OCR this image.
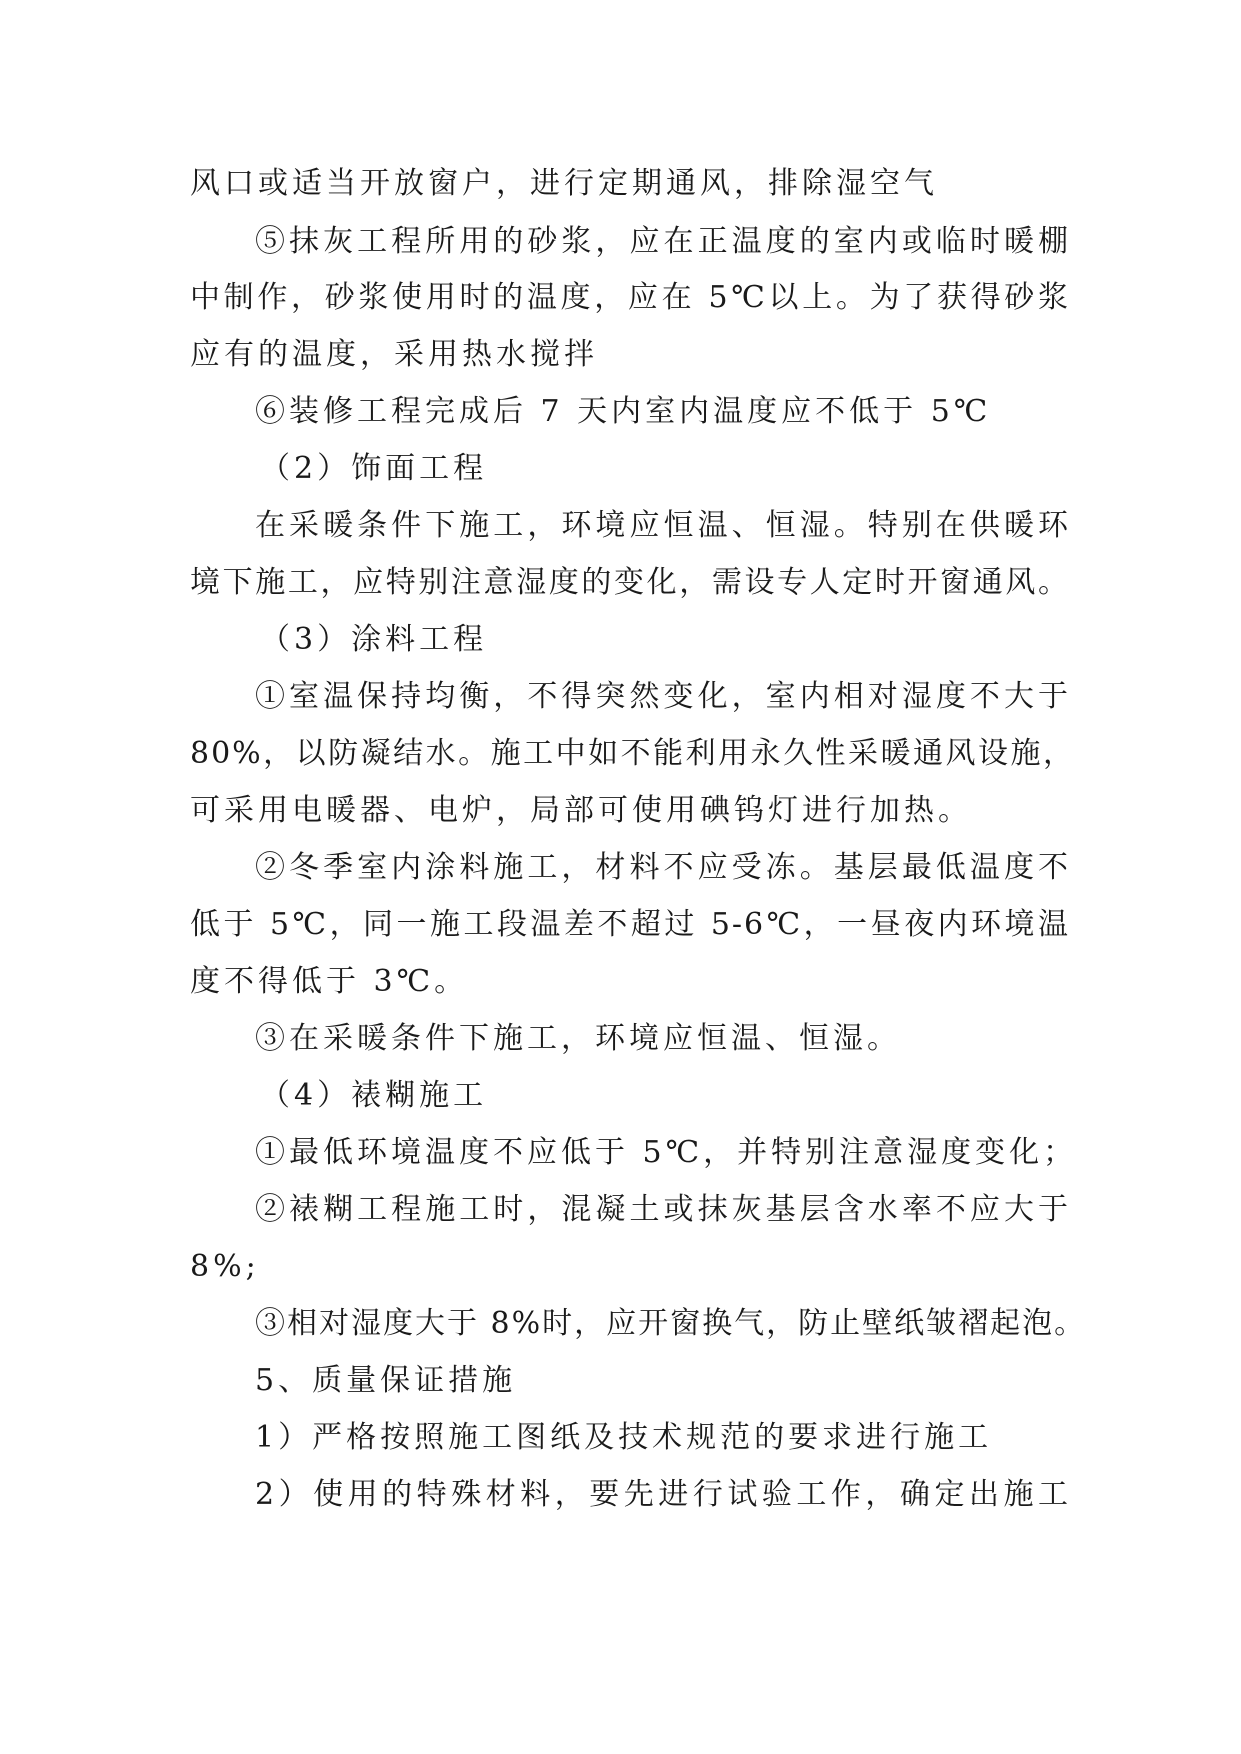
风口或适当开放窗户，进行定期通风，排除湿空气
⑤抹灰工程所用的砂浆，应在正温度的室内或临时暖棚
中制作，砂浆使用时的温度，应在 5℃以上。为了获得砂浆
应有的温度，采用热水搅拌
⑥装修工程完成后 7 天内室内温度应不低于 5℃
（2）饰面工程
在采暖条件下施工，环境应恒温、恒湿。特别在供暖环
境下施工，应特别注意湿度的变化，需设专人定时开窗通风。
（3）涂料工程
①室温保持均衡，不得突然变化，室内相对湿度不大于
80%，以防凝结水。施工中如不能利用永久性采暖通风设施，
可采用电暖器、电炉，局部可使用碘钨灯进行加热。
②冬季室内涂料施工，材料不应受冻。基层最低温度不
低于 5℃，同一施工段温差不超过 5-6℃，一昼夜内环境温
度不得低于 3℃。
③在采暖条件下施工，环境应恒温、恒湿。
（4）裱糊施工
①最低环境温度不应低于 5℃，并特别注意湿度变化；
②裱糊工程施工时，混凝土或抹灰基层含水率不应大于
8%;
③相对湿度大于 8%时，应开窗换气，防止壁纸皱褶起泡。
5、质量保证措施
1）严格按照施工图纸及技术规范的要求进行施工
2）使用的特殊材料，要先进行试验工作，确定出施工
